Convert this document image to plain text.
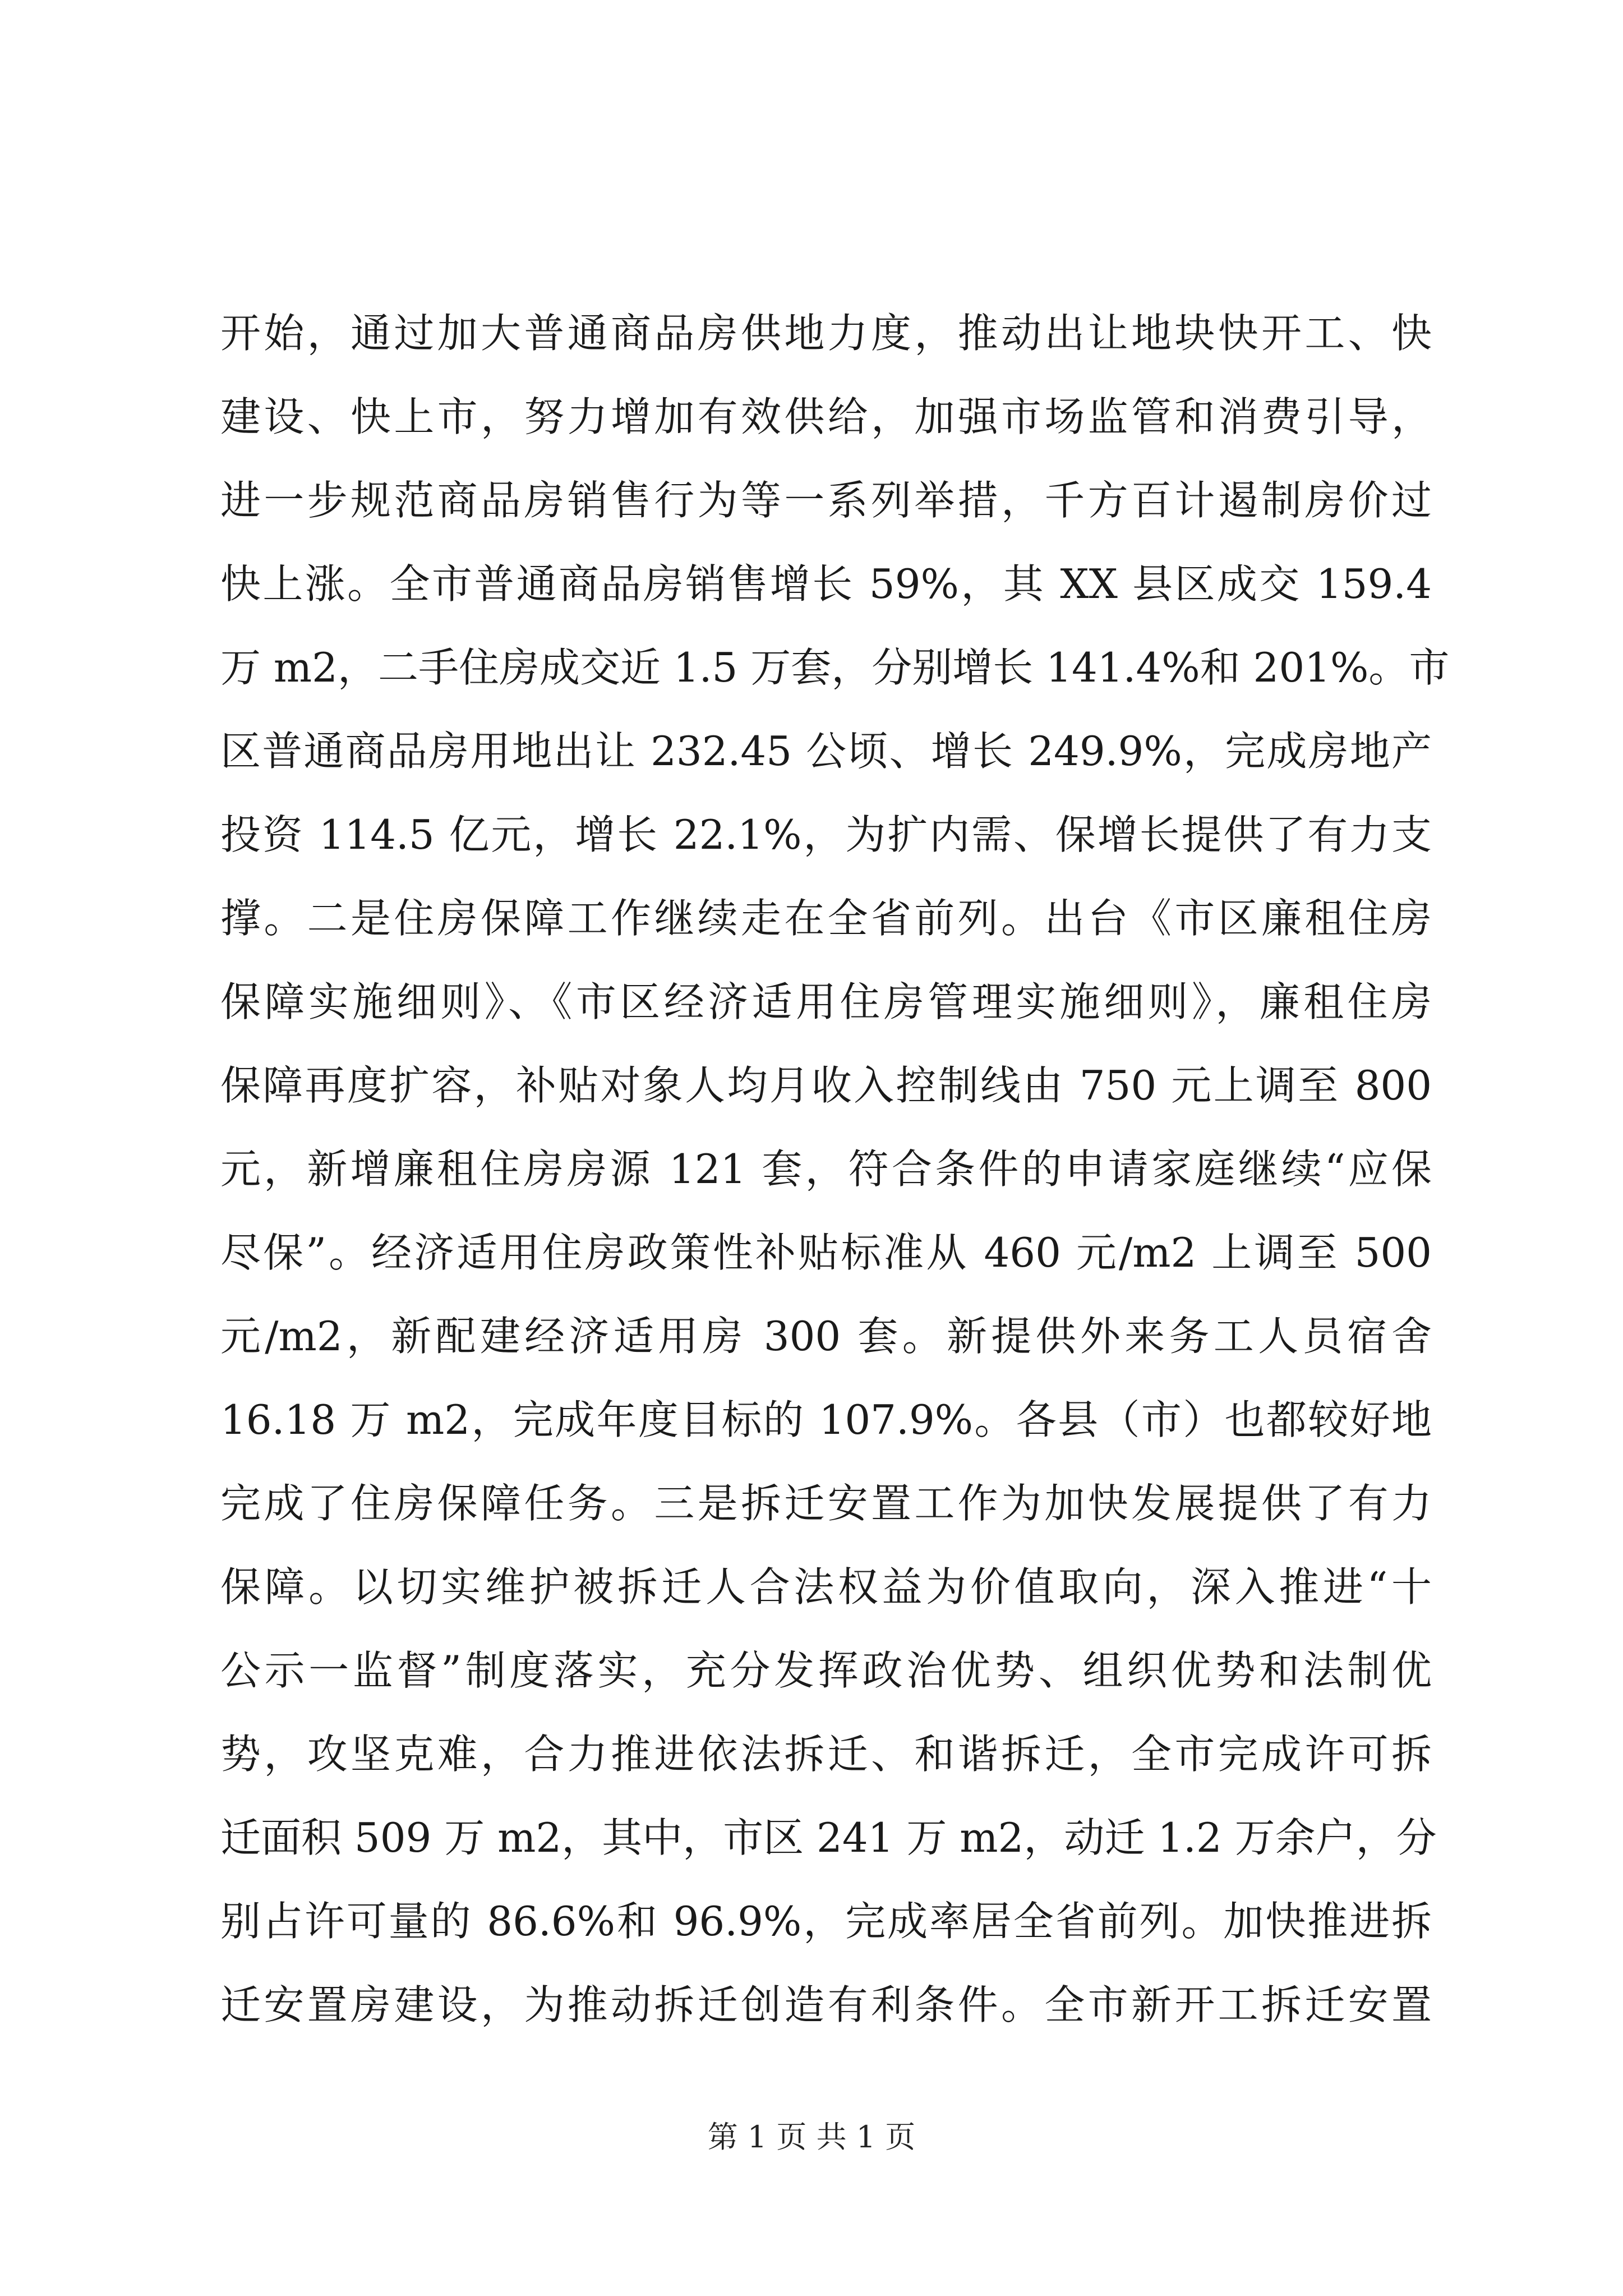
开始，通过加大普通商品房供地力度，推动出让地块快开工、快
建设、快上市，努力增加有效供给，加强市场监管和消费引导，
进一步规范商品房销售行为等一系列举措，千方百计遏制房价过
快上涨。全市普通商品房销售增长 59%，其 XX 县区成交 159.4
万 m2，二手住房成交近 1.5 万套，分别增长 141.4%和 201%。市
区普通商品房用地出让 232.45 公顷、增长 249.9%，完成房地产
投资 114.5 亿元，增长 22.1%，为扩内需、保增长提供了有力支
撑。二是住房保障工作继续走在全省前列。出台《市区廉租住房
保障实施细则》、《市区经济适用住房管理实施细则》，廉租住房
保障再度扩容，补贴对象人均月收入控制线由 750 元上调至 800
元，新增廉租住房房源 121 套，符合条件的申请家庭继续“应保
尽保”。经济适用住房政策性补贴标准从 460 元/m2 上调至 500
元/m2，新配建经济适用房 300 套。新提供外来务工人员宿舍
16.18 万 m2，完成年度目标的 107.9%。各县（市）也都较好地
完成了住房保障任务。三是拆迁安置工作为加快发展提供了有力
保障。以切实维护被拆迁人合法权益为价值取向，深入推进“十
公示一监督”制度落实，充分发挥政治优势、组织优势和法制优
势，攻坚克难，合力推进依法拆迁、和谐拆迁，全市完成许可拆
迁面积 509 万 m2，其中，市区 241 万 m2，动迁 1.2 万余户，分
别占许可量的 86.6%和 96.9%，完成率居全省前列。加快推进拆
迁安置房建设，为推动拆迁创造有利条件。全市新开工拆迁安置
第 1 页 共 1 页
